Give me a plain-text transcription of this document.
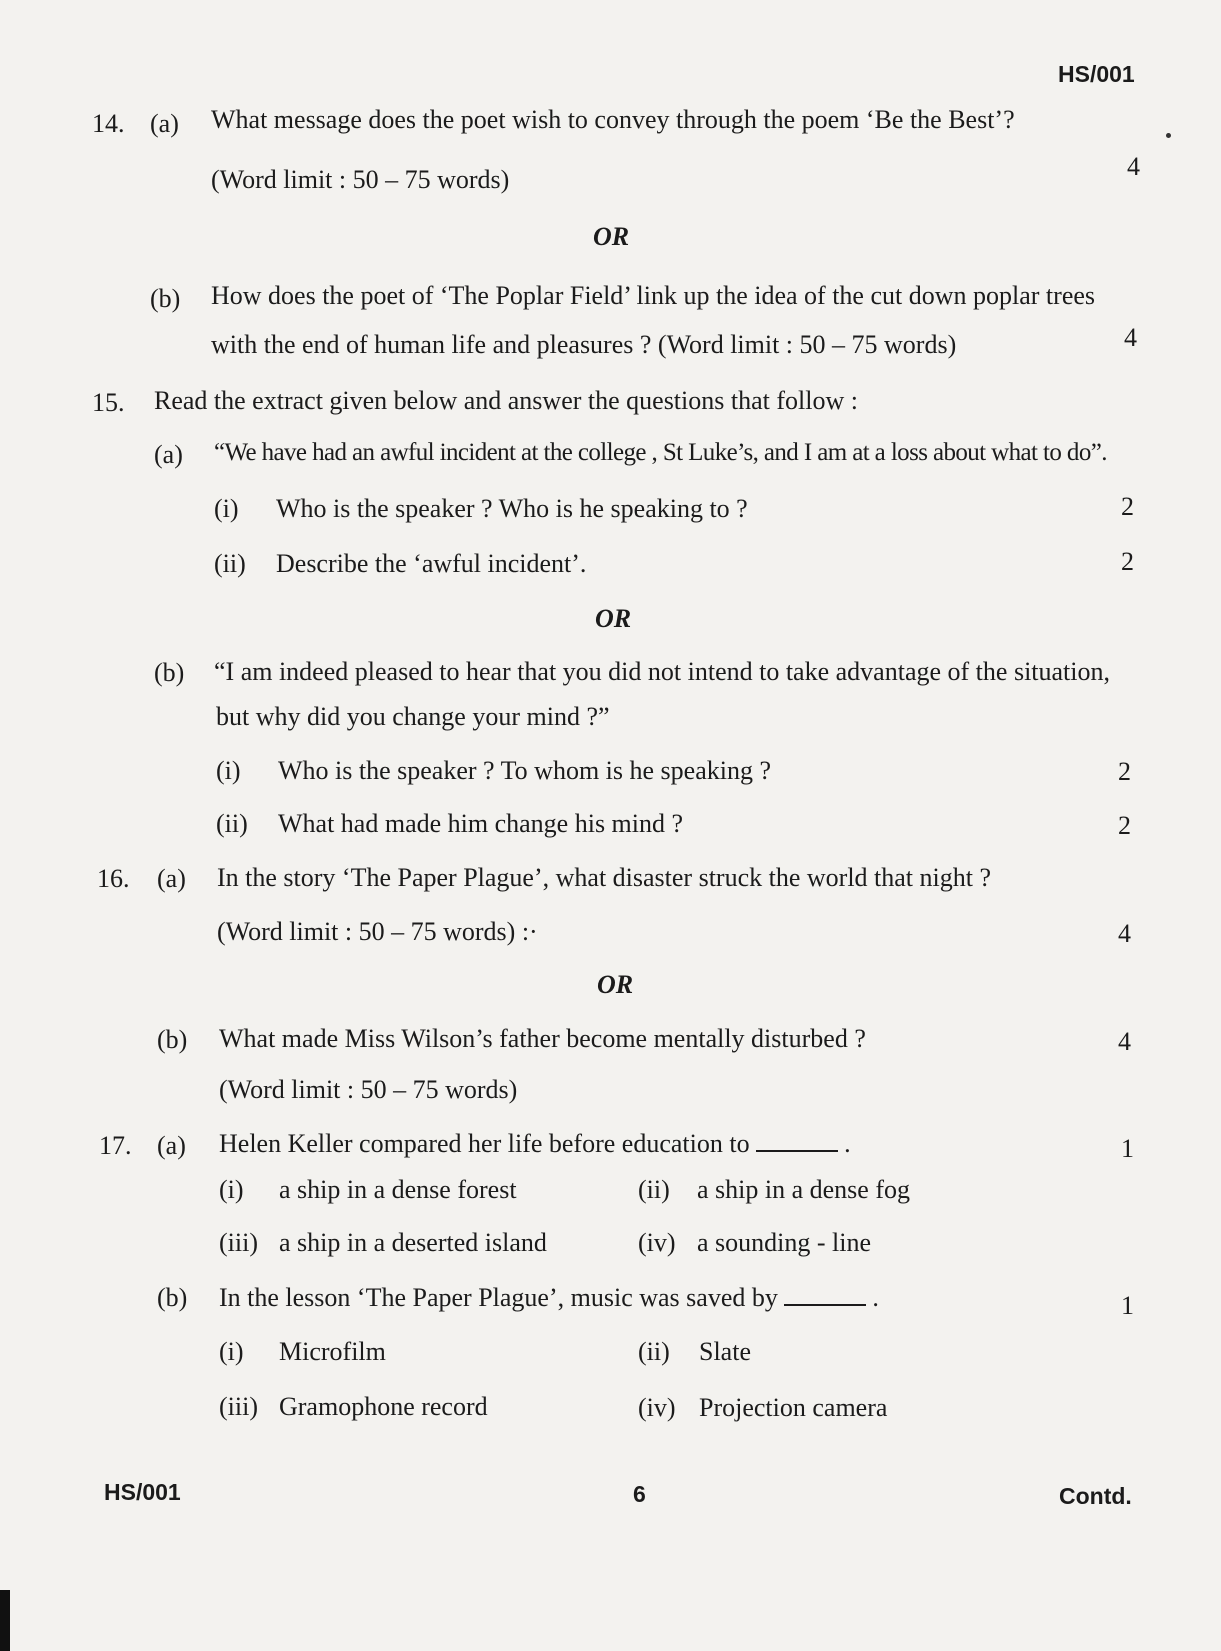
HS/001
14. (a) What message does the poet wish to convey through the poem ‘Be the Best’?
(Word limit : 50 – 75 words)	4
OR
(b) How does the poet of ‘The Poplar Field’ link up the idea of the cut down poplar trees
with the end of human life and pleasures ? (Word limit : 50 – 75 words)	4
15. Read the extract given below and answer the questions that follow :
(a) “We have had an awful incident at the college , St Luke’s, and I am at a loss about what to do”.
(i) Who is the speaker ? Who is he speaking to ?	2
(ii) Describe the ‘awful incident’.	2
OR
(b) “I am indeed pleased to hear that you did not intend to take advantage of the situation,
but why did you change your mind ?”
(i) Who is the speaker ? To whom is he speaking ?	2
(ii) What had made him change his mind ?	2
16. (a) In the story ‘The Paper Plague’, what disaster struck the world that night ?
(Word limit : 50 – 75 words) :·	4
OR
(b) What made Miss Wilson’s father become mentally disturbed ?	4
(Word limit : 50 – 75 words)
17. (a) Helen Keller compared her life before education to	.	1
(i) a ship in a dense forest	(ii) a ship in a dense fog
(iii) a ship in a deserted island	(iv) a sounding - line
(b) In the lesson ‘The Paper Plague’, music was saved by	.	1
(i) Microfilm	(ii) Slate
(iii) Gramophone record	(iv) Projection camera
HS/001	6	Contd.
